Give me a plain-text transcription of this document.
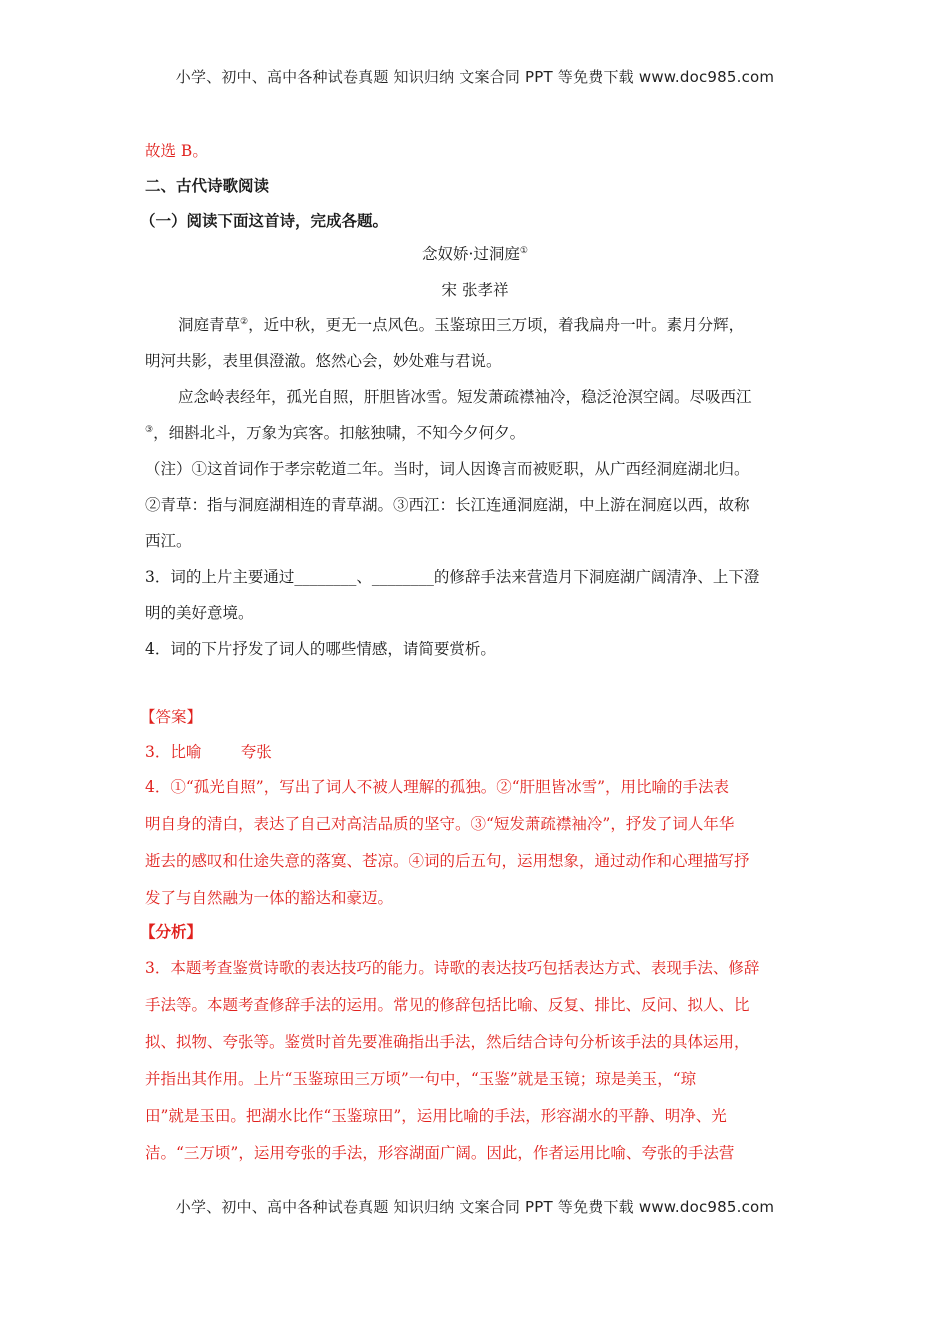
小学、初中、高中各种试卷真题 知识归纳 文案合同 PPT 等免费下载 www.doc985.com
故选 B。
二、古代诗歌阅读
（一）阅读下面这首诗，完成各题。
念奴娇·过洞庭①
宋 张孝祥
洞庭青草②，近中秋，更无一点风色。玉鉴琼田三万顷，着我扁舟一叶。素月分辉，
明河共影，表里俱澄澈。悠然心会，妙处难与君说。
应念岭表经年，孤光自照，肝胆皆冰雪。短发萧疏襟袖冷，稳泛沧溟空阔。尽吸西江
③，细斟北斗，万象为宾客。扣舷独啸，不知今夕何夕。
（注）①这首词作于孝宗乾道二年。当时，词人因谗言而被贬职，从广西经洞庭湖北归。
②青草：指与洞庭湖相连的青草湖。③西江：长江连通洞庭湖，中上游在洞庭以西，故称
西江。
3．词的上片主要通过________、________的修辞手法来营造月下洞庭湖广阔清净、上下澄
明的美好意境。
4．词的下片抒发了词人的哪些情感，请简要赏析。
【答案】
3．比喻        夸张
4．①“孤光自照”，写出了词人不被人理解的孤独。②“肝胆皆冰雪”，用比喻的手法表
明自身的清白，表达了自己对高洁品质的坚守。③“短发萧疏襟袖冷”，抒发了词人年华
逝去的感叹和仕途失意的落寞、苍凉。④词的后五句，运用想象，通过动作和心理描写抒
发了与自然融为一体的豁达和豪迈。
【分析】
3．本题考查鉴赏诗歌的表达技巧的能力。诗歌的表达技巧包括表达方式、表现手法、修辞
手法等。本题考查修辞手法的运用。常见的修辞包括比喻、反复、排比、反问、拟人、比
拟、拟物、夸张等。鉴赏时首先要准确指出手法，然后结合诗句分析该手法的具体运用，
并指出其作用。上片“玉鉴琼田三万顷”一句中，“玉鉴”就是玉镜；琼是美玉，“琼
田”就是玉田。把湖水比作“玉鉴琼田”，运用比喻的手法，形容湖水的平静、明净、光
洁。“三万顷”，运用夸张的手法，形容湖面广阔。因此，作者运用比喻、夸张的手法营
小学、初中、高中各种试卷真题 知识归纳 文案合同 PPT 等免费下载 www.doc985.com
